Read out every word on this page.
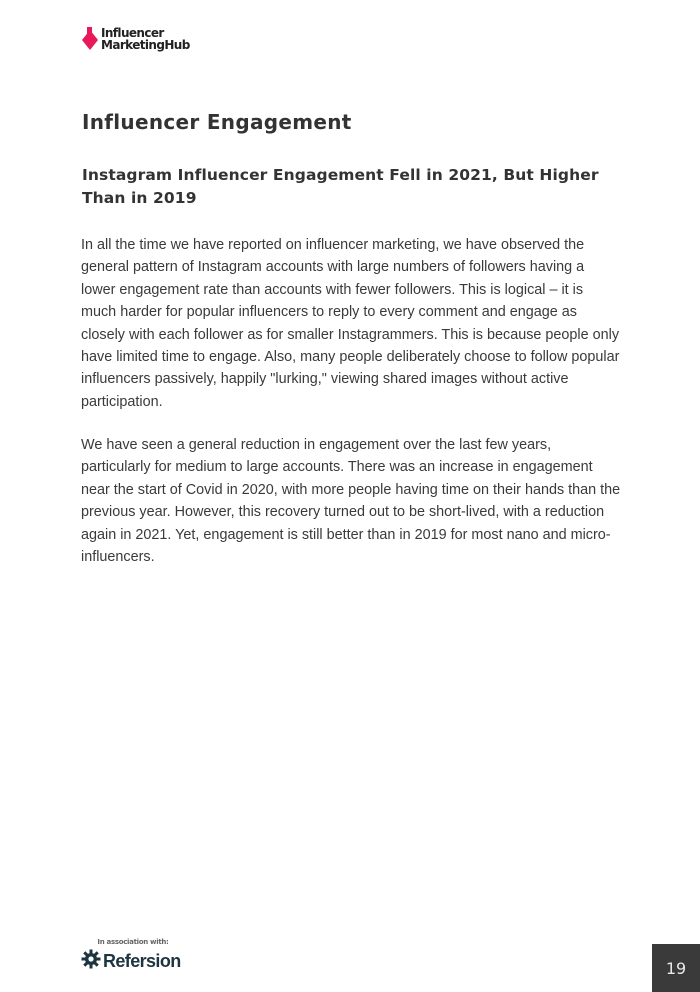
Influencer
MarketingHub
Influencer Engagement
Instagram Influencer Engagement Fell in 2021, But Higher Than in 2019

In all the time we have reported on influencer marketing, we have observed the general pattern of Instagram accounts with large numbers of followers having a lower engagement rate than accounts with fewer followers. This is logical – it is much harder for popular influencers to reply to every comment and engage as closely with each follower as for smaller Instagrammers. This is because people only have limited time to engage. Also, many people deliberately choose to follow popular influencers passively, happily "lurking," viewing shared images without active participation.

We have seen a general reduction in engagement over the last few years, particularly for medium to large accounts. There was an increase in engagement near the start of Covid in 2020, with more people having time on their hands than the previous year. However, this recovery turned out to be short-lived, with a reduction again in 2021. Yet, engagement is still better than in 2019 for most nano and micro-influencers.

In association with:
Refersion	19
